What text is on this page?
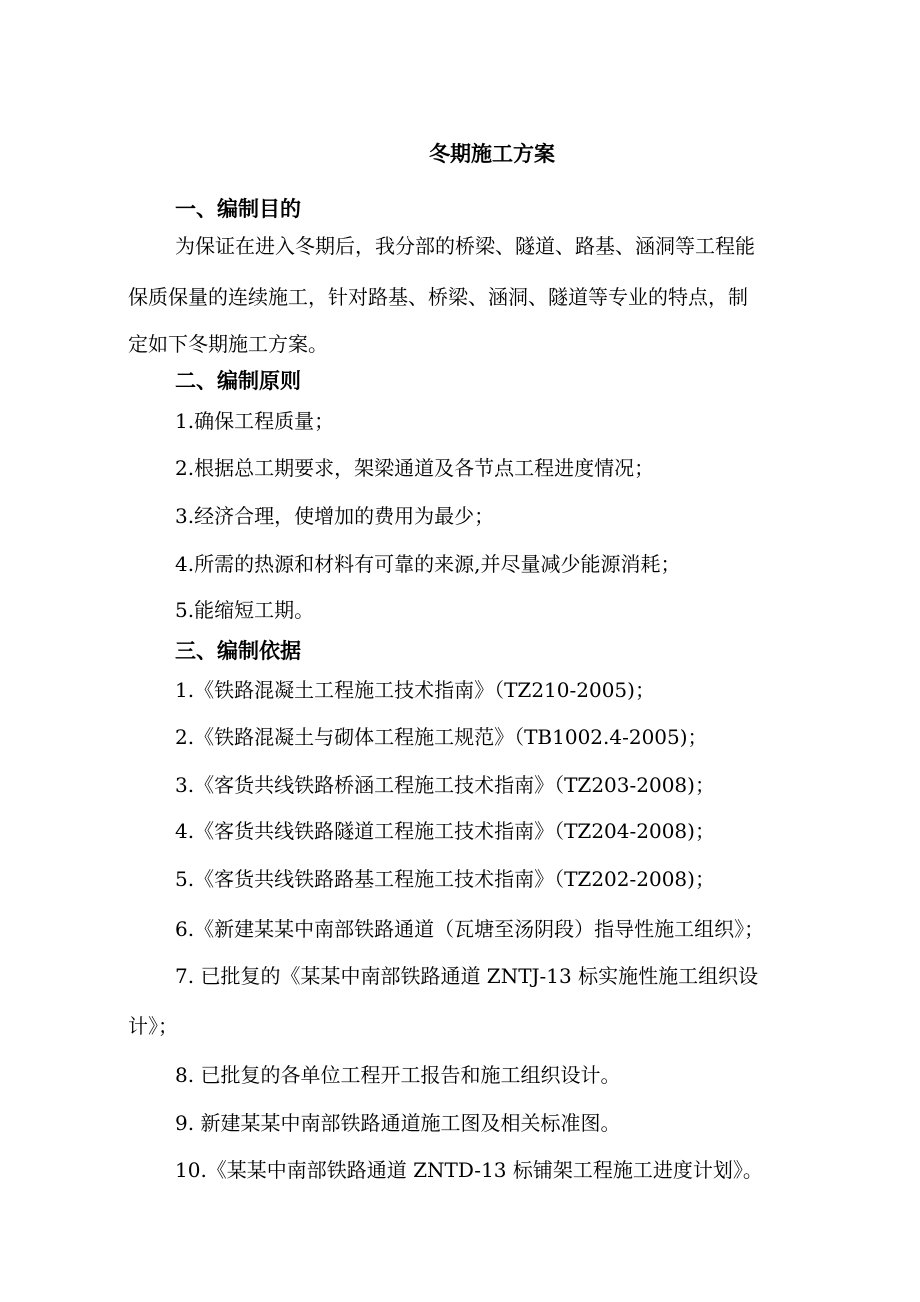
冬期施工方案
一、编制目的
为保证在进入冬期后，我分部的桥梁、隧道、路基、涵洞等工程能
保质保量的连续施工，针对路基、桥梁、涵洞、隧道等专业的特点，制
定如下冬期施工方案。
二、编制原则
1.确保工程质量；
2.根据总工期要求，架梁通道及各节点工程进度情况；
3.经济合理，使增加的费用为最少；
4.所需的热源和材料有可靠的来源,并尽量减少能源消耗；
5.能缩短工期。
三、编制依据
1.《铁路混凝土工程施工技术指南》（TZ210-2005)；
2.《铁路混凝土与砌体工程施工规范》（TB1002.4-2005)；
3.《客货共线铁路桥涵工程施工技术指南》（TZ203-2008)；
4.《客货共线铁路隧道工程施工技术指南》（TZ204-2008)；
5.《客货共线铁路路基工程施工技术指南》（TZ202-2008)；
6.《新建某某中南部铁路通道（瓦塘至汤阴段）指导性施工组织》；
7. 已批复的《某某中南部铁路通道 ZNTJ-13 标实施性施工组织设
计》；
8. 已批复的各单位工程开工报告和施工组织设计。
9. 新建某某中南部铁路通道施工图及相关标准图。
10.《某某中南部铁路通道 ZNTD-13 标铺架工程施工进度计划》。
